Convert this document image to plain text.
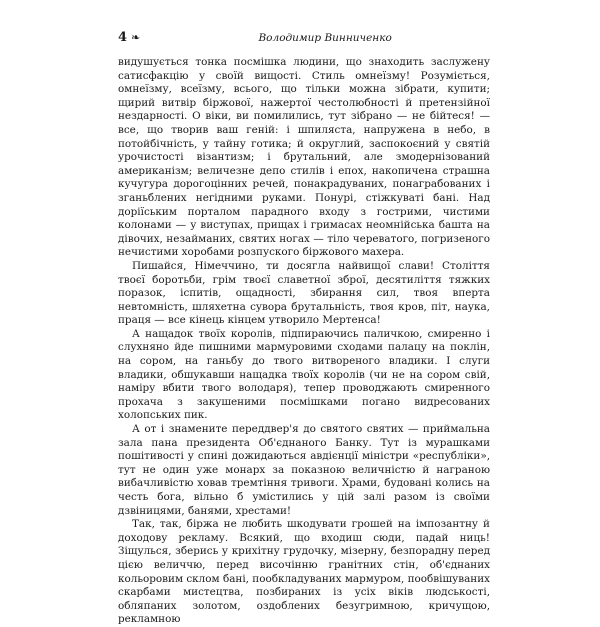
4 ❧	Володимир Винниченко

видушується тонка посмішка людини, що знаходить заслужену сатисфакцію у своїй вищості. Стиль омнеїзму! Розуміється, омнеїзму, всеїзму, всього, що тільки можна зібрати, купити; щирий витвір біржової, нажертої честолюбності й претензійної нездарності. О віки, ви помилились, тут зібрано — не бійтеся! — все, що творив ваш геній: і шпиляста, напружена в небо, в потойбічність, у тайну готика; й округлий, заспокоєний у святій урочистості візантизм; і брутальний, але змодернізований американізм; величезне депо стилів і епох, накопичена страшна кучугура дорогоцінних речей, понакрадуваних, понаграбованих і зганьблених негідними руками. Понурі, стіжкуваті бані. Над доріїським порталом парадного входу з гострими, чистими колонами — у виступах, прищах і гримасах неомнійська башта на дівочих, незайманих, святих ногах — тіло череватого, погризеного нечистими хоробами розпуского біржового махера.

Пишайся, Німеччино, ти досягла найвищої слави! Століття твоєї боротьби, грім твоєї славетної зброї, десятиліття тяжких поразок, іспитів, ощадності, збирання сил, твоя вперта невтомність, шляхетна суворa брутальність, твоя кров, піт, наука, праця — все кінець кінцем утворило Мертенса!

А нащадок твоїх королів, підпираючись паличкою, смиренно і слухняно йде пишними мармуровими сходами палацу на поклін, на сором, на ганьбу до твого витвореного владики. І слуги владики, обшукавши нащадка твоїх королів (чи не на сором свій, наміру вбити твого володаря), тепер проводжають смиренного прохача з закушеними посмішками погано видресованих холопських пик.

А от і знамените переддвер'я до святого святих — приймальна зала пана президента Об'єднаного Банку. Тут із мурашками пошітивості у спині дожидаються авдієнції міністри «республіки», тут не один уже монарх за показною величністю й награною вибачливістю ховав тремтіння тривоги. Храми, будовані колись на честь бога, вільно б умістились у цій залі разом із своїми дзвіницями, банями, хрестами!

Так, так, біржа не любить шкодувати грошей на імпозантну й доходову рекламу. Всякий, що входиш сюди, падай ниць! Зіщулься, зберись у крихітну грудочку, мізерну, безпорадну перед цією величчю, перед височінню гранітних стін, об'єднаних кольоровим склом бані, пообкладуваних мармуром, пообвішуваних скарбами мистецтва, позбираних із усіх віків людськості, обляпаних золотом, оздоблених безугримною, кричущою, рекламною
